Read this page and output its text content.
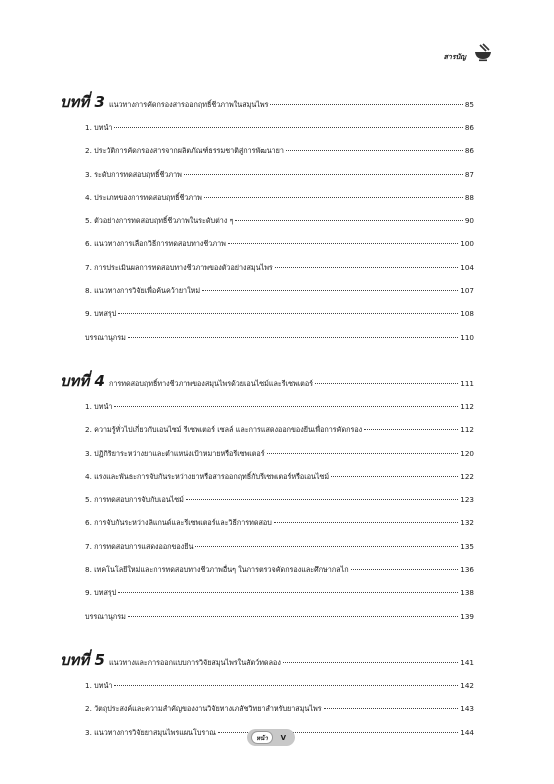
สารบัญ
บทที่ 3 แนวทางการคัดกรองสารออกฤทธิ์ชีวภาพในสมุนไพร	85
1. บทนำ	86
2. ประวัติการคัดกรองสารจากผลิตภัณฑ์ธรรมชาติสู่การพัฒนายา	86
3. ระดับการทดสอบฤทธิ์ชีวภาพ	87
4. ประเภทของการทดสอบฤทธิ์ชีวภาพ	88
5. ตัวอย่างการทดสอบฤทธิ์ชีวภาพในระดับต่าง ๆ	90
6. แนวทางการเลือกวิธีการทดสอบทางชีวภาพ	100
7. การประเมินผลการทดสอบทางชีวภาพของตัวอย่างสมุนไพร	104
8. แนวทางการวิจัยเพื่อค้นคว้ายาใหม่	107
9. บทสรุป	108
บรรณานุกรม	110
บทที่ 4 การทดสอบฤทธิ์ทางชีวภาพของสมุนไพรด้วยเอนไซม์และรีเซพเตอร์	111
1. บทนำ	112
2. ความรู้ทั่วไปเกี่ยวกับเอนไซม์ รีเซพเตอร์ เซลล์ และการแสดงออกของยีนเพื่อการคัดกรอง	112
3. ปฏิกิริยาระหว่างยาและตำแหน่งเป้าหมายหรือรีเซพเตอร์	120
4. แรงและพันธะการจับกันระหว่างยาหรือสารออกฤทธิ์กับรีเซพเตอร์หรือเอนไซม์	122
5. การทดสอบการจับกับเอนไซม์	123
6. การจับกันระหว่างลิแกนด์และรีเซพเตอร์และวิธีการทดสอบ	132
7. การทดสอบการแสดงออกของยีน	135
8. เทคโนโลยีใหม่และการทดสอบทางชีวภาพอื่นๆ ในการตรวจคัดกรองและศึกษากลไก	136
9. บทสรุป	138
บรรณานุกรม	139
บทที่ 5 แนวทางและการออกแบบการวิจัยสมุนไพรในสัตว์ทดลอง	141
1. บทนำ	142
2. วัตถุประสงค์และความสำคัญของงานวิจัยทางเภสัชวิทยาสำหรับยาสมุนไพร	143
3. แนวทางการวิจัยยาสมุนไพรแผนโบราณ	144
หน้า	V
